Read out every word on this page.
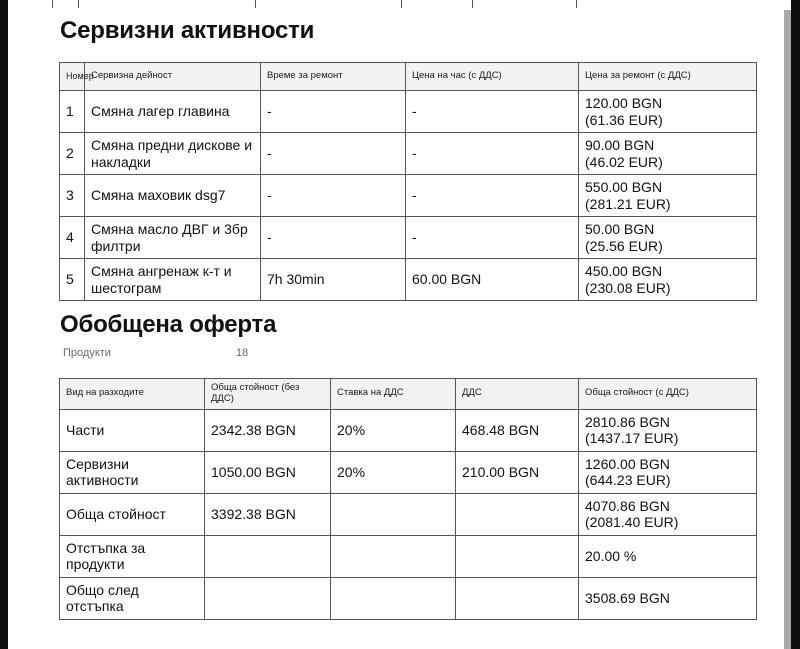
Сервизни активности
Номер	Сервизна дейност	Време за ремонт	Цена на час (с ДДС)	Цена за ремонт (с ДДС)
1	Смяна лагер главина	-	-	120.00 BGN
(61.36 EUR)

2	Смяна предни дискове и накладки	-	-	90.00 BGN
(46.02 EUR)

3	Смяна маховик dsg7	-	-	550.00 BGN
(281.21 EUR)

4	Смяна масло ДВГ и 3бр филтри	-	-	50.00 BGN
(25.56 EUR)

5	Смяна ангренаж к-т и шестограм	7h 30min	60.00 BGN	450.00 BGN
(230.08 EUR)
Обобщена оферта
Продукти	18
Вид на разходите	Обща стойност (без ДДС)	Ставка на ДДС	ДДС	Обща стойност (с ДДС)
Части	2342.38 BGN	20%	468.48 BGN	2810.86 BGN
(1437.17 EUR)

Сервизни активности	1050.00 BGN	20%	210.00 BGN	1260.00 BGN
(644.23 EUR)

Обща стойност	3392.38 BGN			4070.86 BGN
(2081.40 EUR)

Отстъпка за продукти				20.00 %
Общо след отстъпка				3508.69 BGN
